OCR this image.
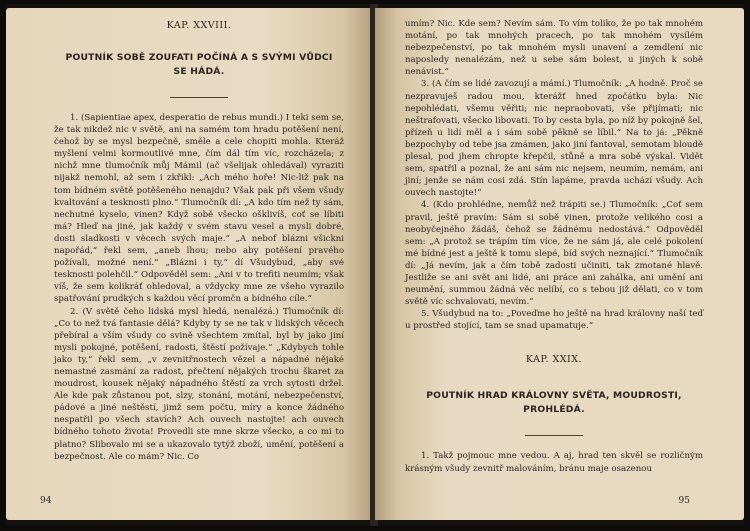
KAP. XXVIII.
POUTNÍK SOBĚ ZOUFATI POČÍNÁ A S SVÝMI VŮDCI
SE HÁDÁ.

1. (Sapientiae apex, desperatio de rebus mundi.) I teki sem se, že tak nikdež nic v světě, ani na samém tom hradu potěšení není, čehož by se mysl bezpečně, směle a cele chopiti mohla. Kteráž myšlení velmi kormoutlivé mne, čím dál tím víc, rozcházela; z nichž mne tlumočník můj Mámil (ač všelijak ohledával) vyraziti nijakž nemohl, až sem i zkřikl: „Ach mého hoře! Nic-liž pak na tom bídném světě potěšeného nenajdu? Však pak při všem všudy kvaltování a tesknosti plno.“ Tlumočník dí: „A kdo tím než ty sám, nechutné kyselo, vinen? Když sobě všecko ošklivíš, coť se líbiti má? Hleď na jiné, jak každý v svém stavu vesel a mysli dobré, dosti sladkosti v věcech svých maje.“ „A nebof blázni všickni napořád,“ řekl sem, „aneb lhou; nebo aby potěšení pravého požívali, možné není.“ „Blázni i ty,“ dí Všudybud, „aby své tesknosti polehčil.“ Odpověděl sem: „Ani v to trefiti neumím; však víš, že sem kolikráť ohledoval, a vždycky mne ze všeho vyrazilo spatřování prudkých s každou věcí promčn a bídného cíle.“

2. (V světě čeho lidská mysl hledá, nenalézá.) Tlumočník dí: „Co to než tvá fantasie dělá? Kdyby ty se ne tak v lidských věcech přebíral a vším všudy co svině všechtem zmítal, byl by jako jiní mysli pokojné, potěšení, radosti, štěstí požívaje.“ „Kdybych tohle jako ty,“ řekl sem, „v zevnitřnostech vězel a nápadné nějaké nemastné zasmání za radost, přečtení nějakých trochu škaret za moudrost, kousek nějaký nápadného štěstí za vrch sytosti držel. Ale kde pak zůstanou pot, slzy, stonání, motání, nebezpečenství, pádové a jiné neštěstí, jimž sem počtu, míry a konce žádného nespatřil po všech stavích? Ach ouvech nastojte! ach ouvech bídného tohoto života! Provedli ste mne skrze všecko, a co mi to platno? Slibovalo mi se a ukazovalo tytýž zboží, umění, potěšení a bezpečnost. Ale co mám? Nic. Co

94

umím? Nic. Kde sem? Nevím sám. To vím toliko, že po tak mnohém motání, po tak mnohých pracech, po tak mnohém vysílém nebezpečenství, po tak mnohém mysli unavení a zemdlení nic naposledy nenalézám, než u sebe sám bolest, u jiných k sobě nenávist.“

3. (A čím se lidé zavozují a mámí.) Tlumočník: „A hodně. Proč se nezpravuješ radou mou, kterážť hned zpočátku byla: Nic nepohlédati, všemu věřiti; nic nepraobovati, vše přijímati; nic neštrafovati, všecko libovati. To by cesta byla, po níž by pokojně šel, přízeň u lidí měl a i sám sobě pěkně se líbil.“ Na to já: „Pěkně bezpochyby od tebe jsa zmámen, jako jiní fantoval, semotam bloudě plesal, pod jhem chropte křepčil, stůně a mra sobě výskal. Vidět sem, spatřil a poznal, že ani sám nic nejsem, neumím, nemám, ani jiní; jenže se nám cosi zdá. Stín lapáme, pravda uchází všudy. Ach ouvech nastojte!“

4. (Kdo prohlédne, nemůž než trápiti se.) Tlumočník: „Coť sem pravil, ještě pravím: Sám si sobě vinen, protože velikého cosi a neobyčejného žádáš, čehož se žádnému nedostává.“ Odpověděl sem: „A protož se trápím tím více, že ne sám já, ale celé pokolení mé bídné jest a ještě k tomu slepé, bíd svých neznající.“ Tlumočník dí: „Já nevím, jak a čím tobě zadosti učiniti, tak zmotané hlavě. Jestliže se ani svět ani lidé, ani práce ani zahálka, ani umění ani neumění, summou žádná věc nelíbí, co s tebou již dělati, co v tom světě víc schvalovati, nevím.“

5. Všudybud na to: „Poveďme ho ještě na hrad královny naší teď u prostřed stojící, tam se snad upamatuje.“

KAP. XXIX.
POUTNÍK HRAD KRÁLOVNY SVĚTA, MOUDROSTI,
PROHLÉDÁ.

1. Takž pojmouc mne vedou. A aj, hrad ten skvěl se rozličným krásným všudy zevnitř malováním, bránu maje osazenou

95
